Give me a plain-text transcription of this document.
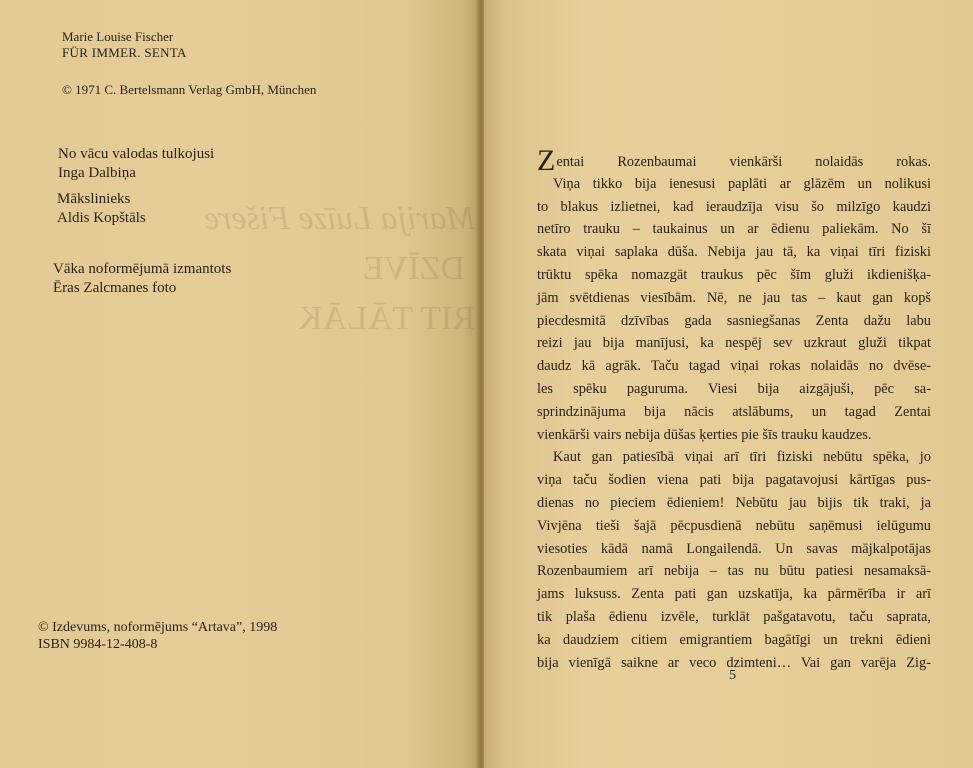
Marija Luīze Fišere
DZĪVE
RIT TĀLĀK
Marie Louise Fischer
FÜR IMMER. SENTA
© 1971 C. Bertelsmann Verlag GmbH, München
No vācu valodas tulkojusi
Inga Dalbiņa
Mākslinieks
Aldis Kopštāls
Vāka noformējumā izmantots
Ēras Zalcmanes foto
© Izdevums, noformējums “Artava”, 1998
ISBN 9984-12-408-8
Zentai Rozenbaumai vienkārši nolaidās rokas.
Viņa tikko bija ienesusi paplāti ar glāzēm un nolikusi
to blakus izlietnei, kad ieraudzīja visu šo milzīgo kaudzi
netīro trauku – taukainus un ar ēdienu paliekām. No šī
skata viņai saplaka dūša. Nebija jau tā, ka viņai tīri fiziski
trūktu spēka nomazgāt traukus pēc šīm gluži ikdienišķa-
jām svētdienas viesībām. Nē, ne jau tas – kaut gan kopš
piecdesmitā dzīvības gada sasniegšanas Zenta dažu labu
reizi jau bija manījusi, ka nespēj sev uzkraut gluži tikpat
daudz kā agrāk. Taču tagad viņai rokas nolaidās no dvēse-
les spēku paguruma. Viesi bija aizgājuši, pēc sa-
sprindzinājuma bija nācis atslābums, un tagad Zentai
vienkārši vairs nebija dūšas ķerties pie šīs trauku kaudzes.
Kaut gan patiesībā viņai arī tīri fiziski nebūtu spēka, jo
viņa taču šodien viena pati bija pagatavojusi kārtīgas pus-
dienas no pieciem ēdieniem! Nebūtu jau bijis tik traki, ja
Vivjēna tieši šajā pēcpusdienā nebūtu saņēmusi ielūgumu
viesoties kādā namā Longailendā. Un savas mājkalpotājas
Rozenbaumiem arī nebija – tas nu būtu patiesi nesamaksā-
jams luksuss. Zenta pati gan uzskatīja, ka pārmērība ir arī
tik plaša ēdienu izvēle, turklāt pašgatavotu, taču saprata,
ka daudziem citiem emigrantiem bagātīgi un trekni ēdieni
bija vienīgā saikne ar veco dzimteni… Vai gan varēja Zig-
5
